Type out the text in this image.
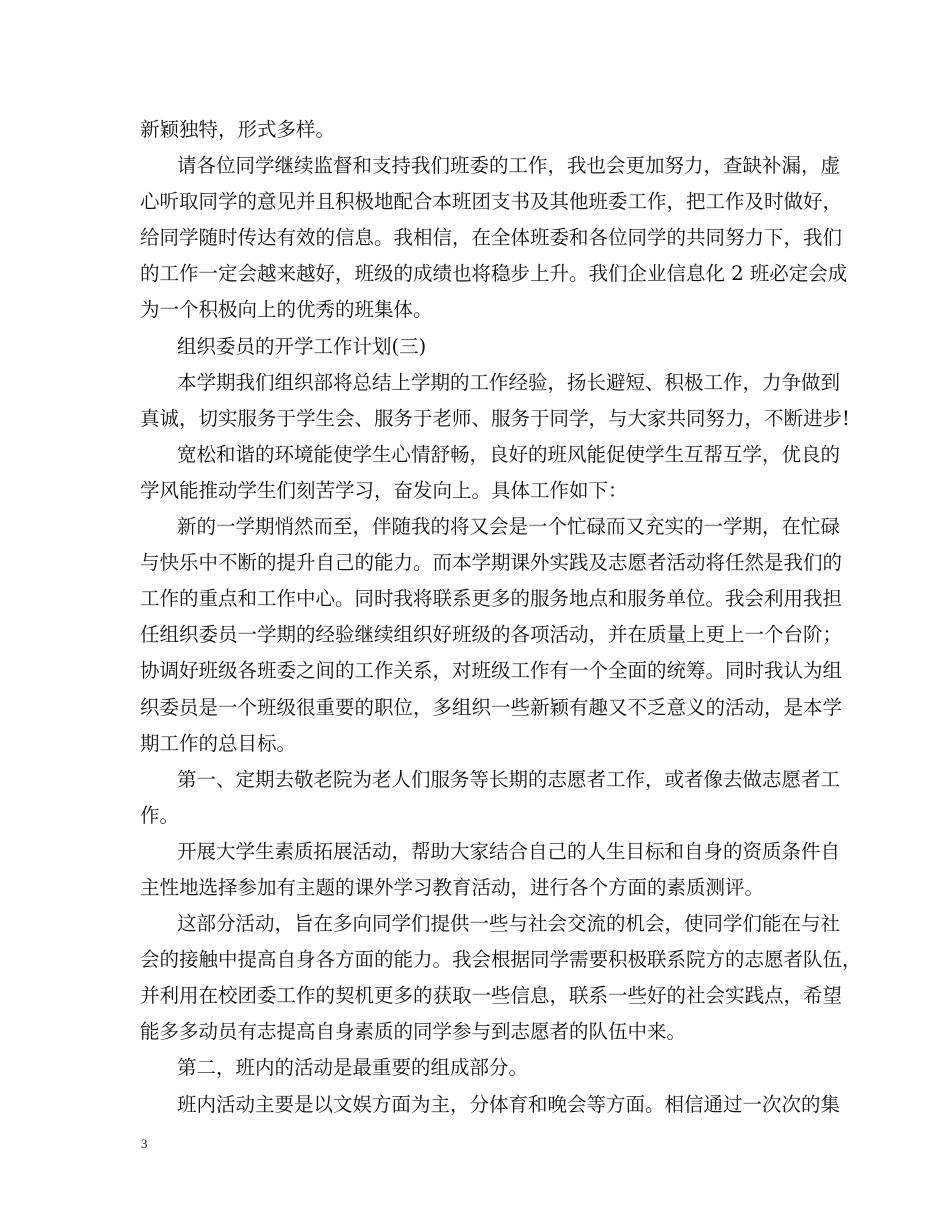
新颖独特，形式多样。
请各位同学继续监督和支持我们班委的工作，我也会更加努力，查缺补漏，虚
心听取同学的意见并且积极地配合本班团支书及其他班委工作，把工作及时做好，
给同学随时传达有效的信息。我相信，在全体班委和各位同学的共同努力下，我们
的工作一定会越来越好，班级的成绩也将稳步上升。我们企业信息化 2 班必定会成
为一个积极向上的优秀的班集体。
组织委员的开学工作计划(三)
本学期我们组织部将总结上学期的工作经验，扬长避短、积极工作，力争做到
真诚，切实服务于学生会、服务于老师、服务于同学，与大家共同努力，不断进步!
宽松和谐的环境能使学生心情舒畅，良好的班风能促使学生互帮互学，优良的
学风能推动学生们刻苦学习，奋发向上。具体工作如下：
新的一学期悄然而至，伴随我的将又会是一个忙碌而又充实的一学期，在忙碌
与快乐中不断的提升自己的能力。而本学期课外实践及志愿者活动将任然是我们的
工作的重点和工作中心。同时我将联系更多的服务地点和服务单位。我会利用我担
任组织委员一学期的经验继续组织好班级的各项活动，并在质量上更上一个台阶；
协调好班级各班委之间的工作关系，对班级工作有一个全面的统筹。同时我认为组
织委员是一个班级很重要的职位，多组织一些新颖有趣又不乏意义的活动，是本学
期工作的总目标。
第一、定期去敬老院为老人们服务等长期的志愿者工作，或者像去做志愿者工
作。
开展大学生素质拓展活动，帮助大家结合自己的人生目标和自身的资质条件自
主性地选择参加有主题的课外学习教育活动，进行各个方面的素质测评。
这部分活动，旨在多向同学们提供一些与社会交流的机会，使同学们能在与社
会的接触中提高自身各方面的能力。我会根据同学需要积极联系院方的志愿者队伍，
并利用在校团委工作的契机更多的获取一些信息，联系一些好的社会实践点，希望
能多多动员有志提高自身素质的同学参与到志愿者的队伍中来。
第二，班内的活动是最重要的组成部分。
班内活动主要是以文娱方面为主，分体育和晚会等方面。相信通过一次次的集
3
